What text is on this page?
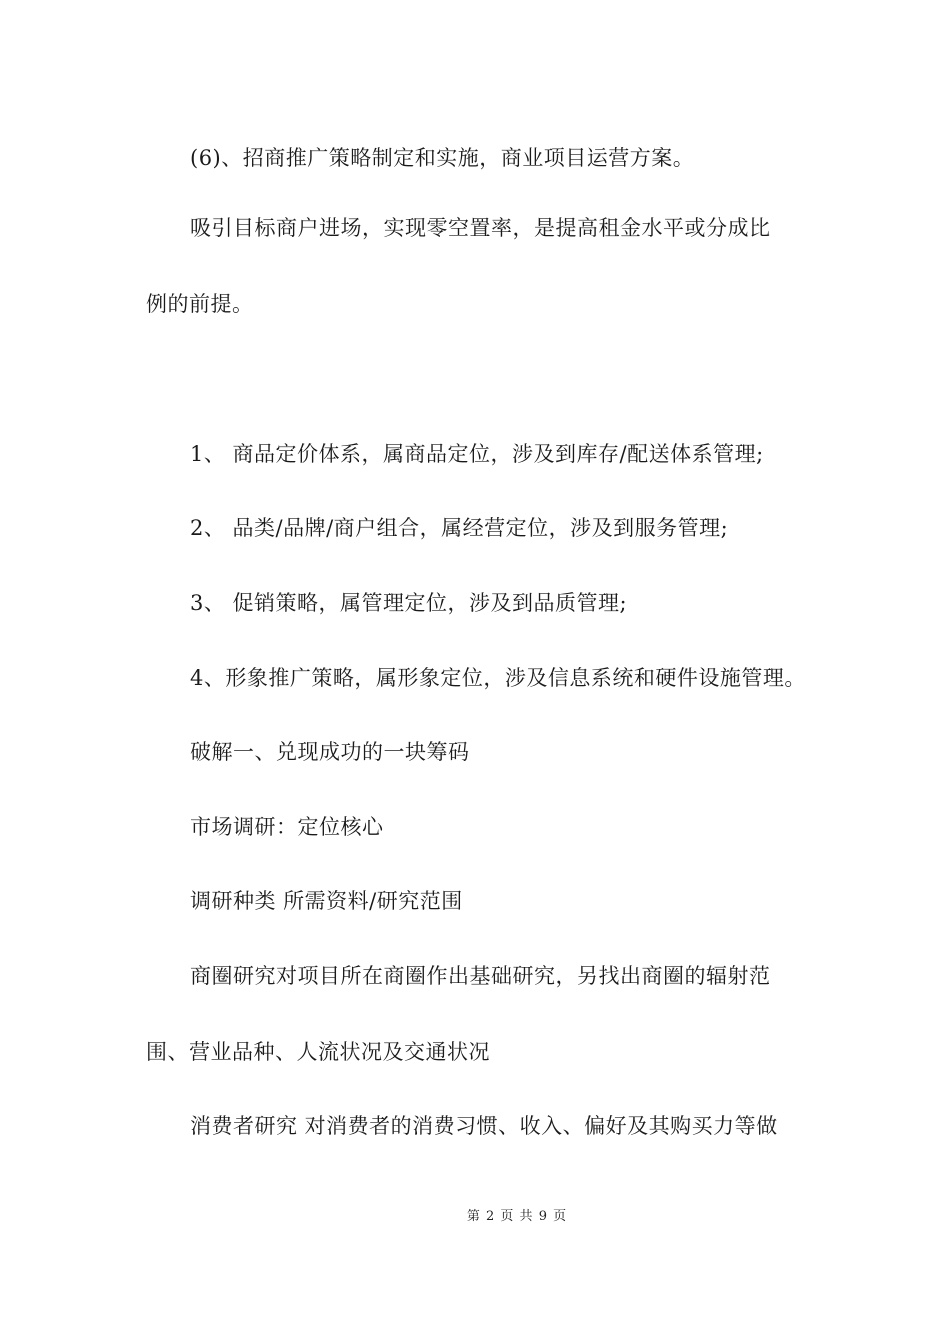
(6)、招商推广策略制定和实施，商业项目运营方案。
吸引目标商户进场，实现零空置率，是提高租金水平或分成比
例的前提。
1、 商品定价体系，属商品定位，涉及到库存/配送体系管理;
2、 品类/品牌/商户组合，属经营定位，涉及到服务管理;
3、 促销策略，属管理定位，涉及到品质管理;
4、形象推广策略，属形象定位，涉及信息系统和硬件设施管理。
破解一、兑现成功的一块筹码
市场调研：定位核心
调研种类 所需资料/研究范围
商圈研究对项目所在商圈作出基础研究，另找出商圈的辐射范
围、营业品种、人流状况及交通状况
消费者研究 对消费者的消费习惯、收入、偏好及其购买力等做
第 2 页 共 9 页
